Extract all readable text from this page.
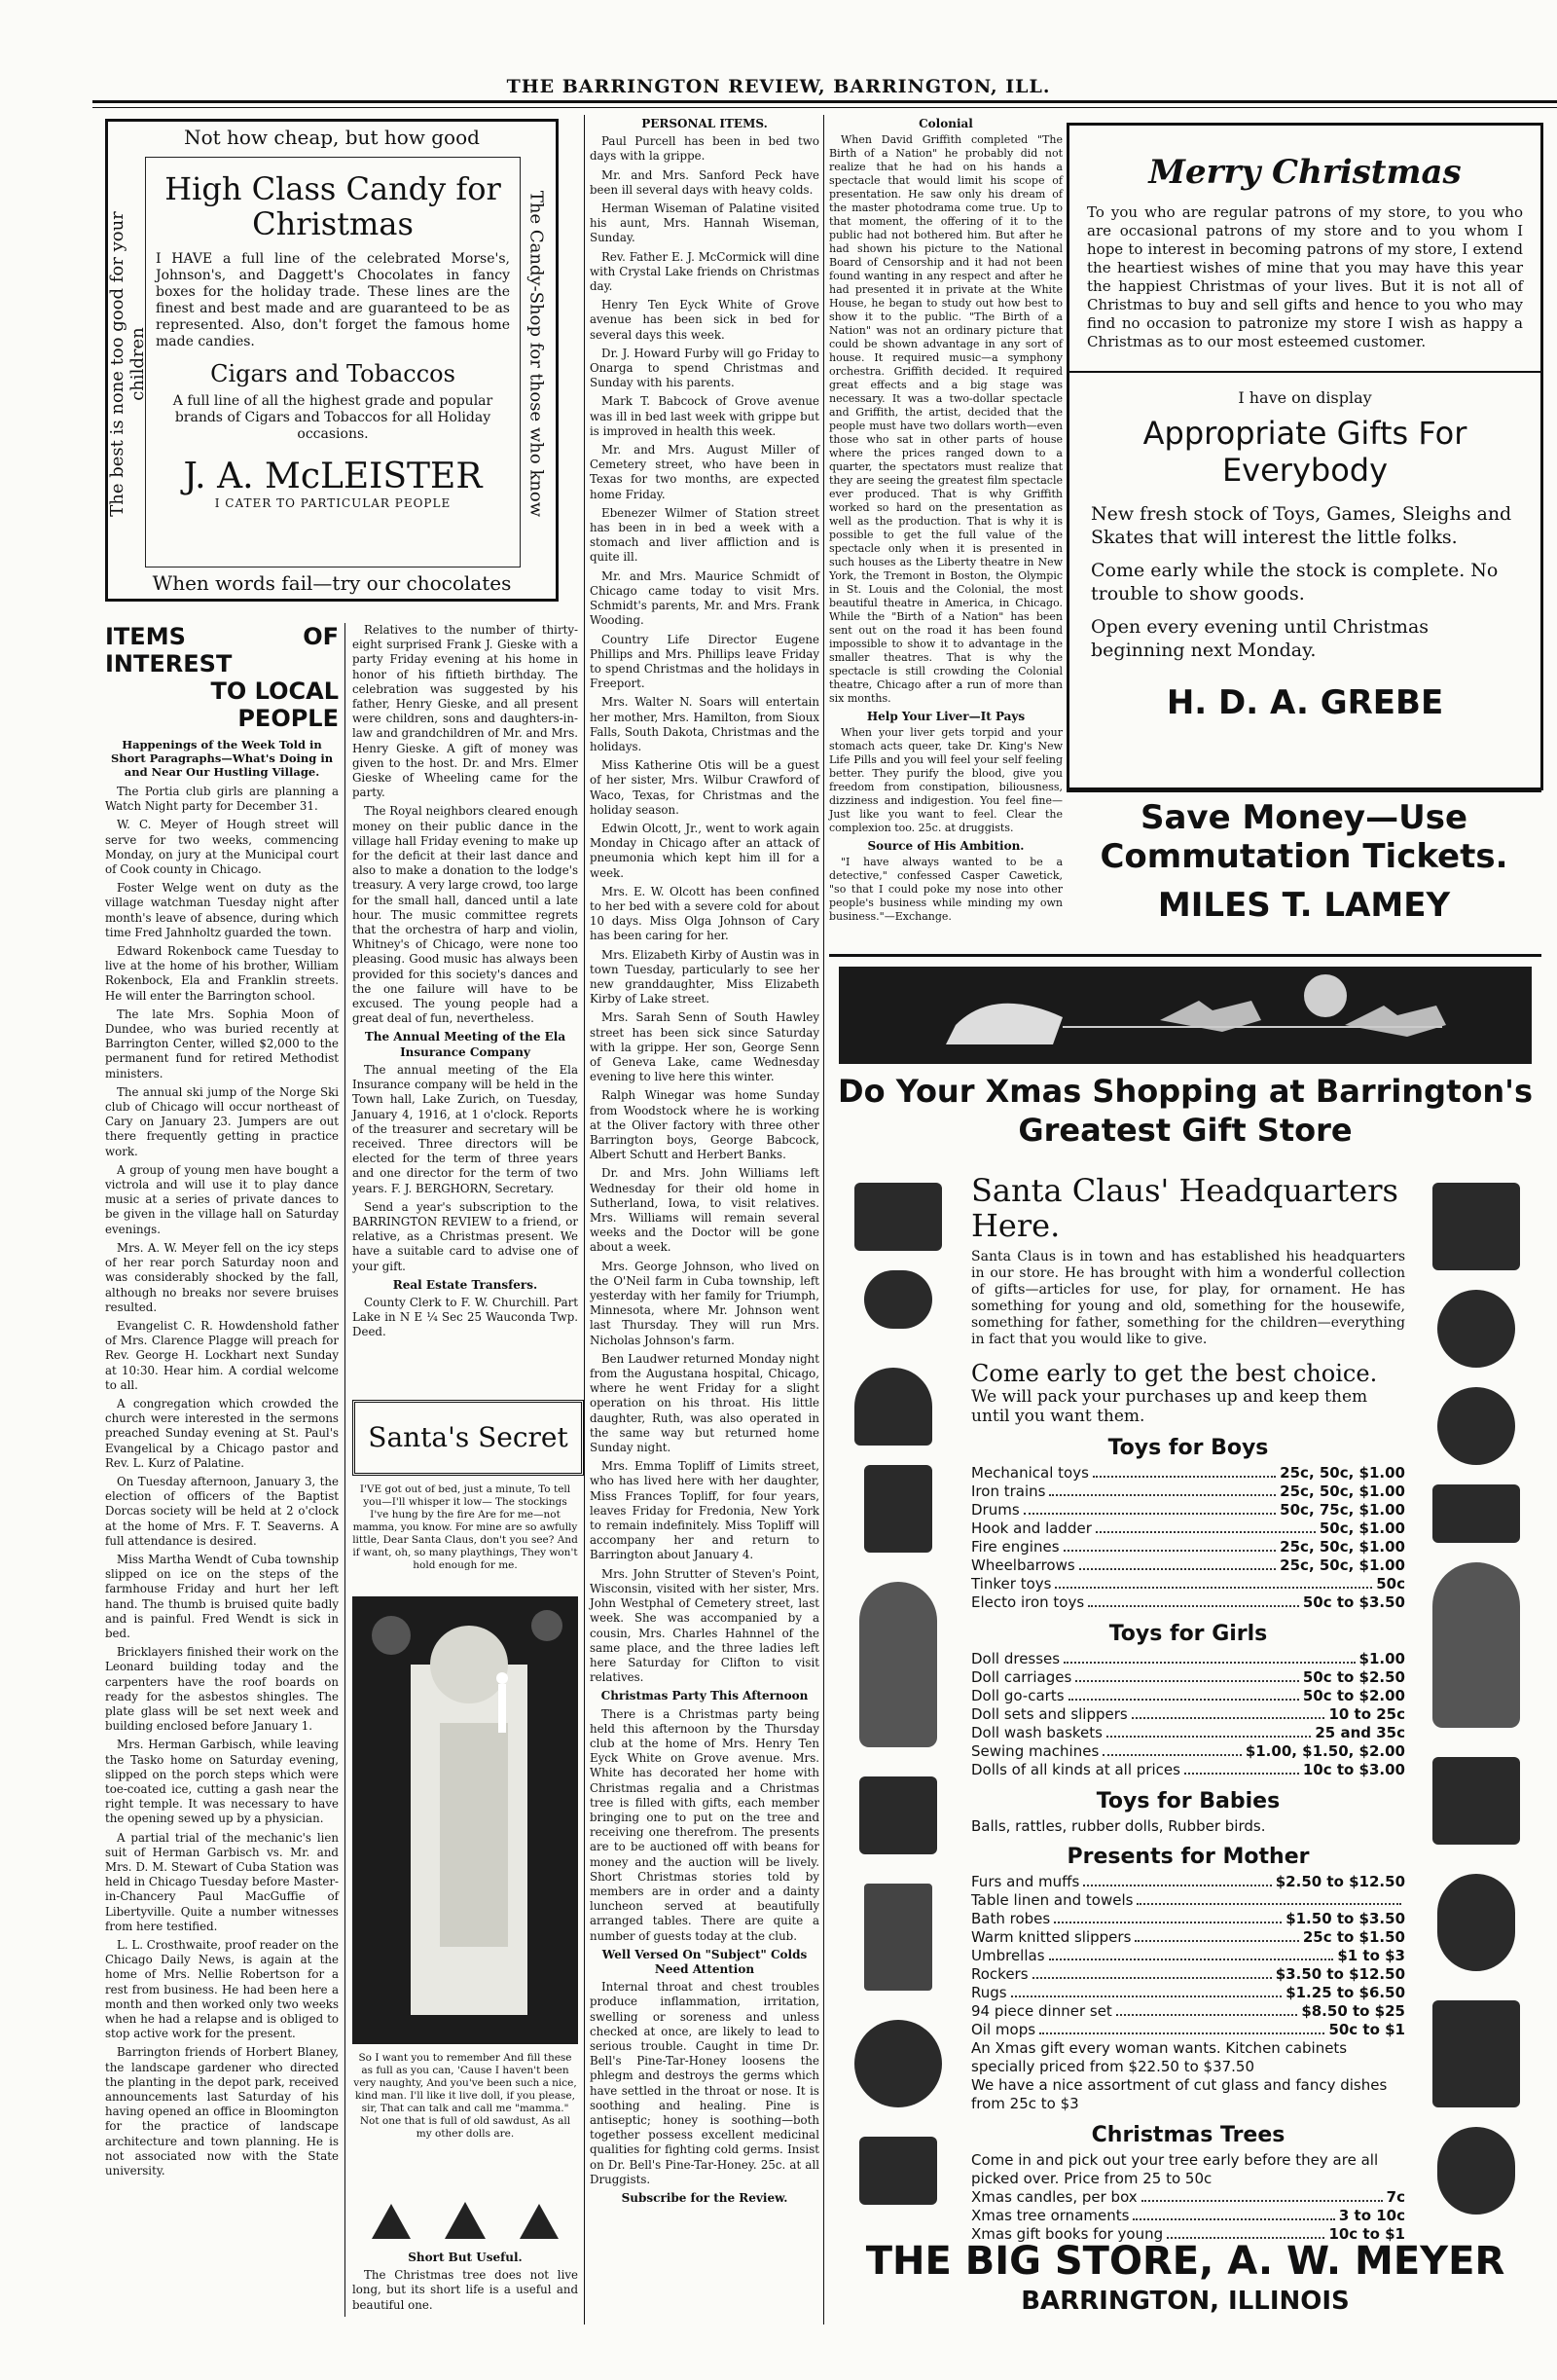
THE BARRINGTON REVIEW, BARRINGTON, ILL.
Not how cheap, but how good
The best is none too good for your children	The Candy-Shop for those who know
High Class Candy for Christmas
I HAVE a full line of the celebrated Morse's, Johnson's, and Daggett's Chocolates in fancy boxes for the holiday trade. These lines are the finest and best made and are guaranteed to be as represented. Also, don't forget the famous home made candies.
Cigars and Tobaccos
A full line of all the highest grade and popular brands of Cigars and Tobaccos for all Holiday occasions.
J. A. McLEISTER
I CATER TO PARTICULAR PEOPLE
When words fail—try our chocolates
ITEMS OF INTEREST
TO LOCAL PEOPLE
Happenings of the Week Told in Short Paragraphs—What's Doing in and Near Our Hustling Village.

The Portia club girls are planning a Watch Night party for December 31.

W. C. Meyer of Hough street will serve for two weeks, commencing Monday, on jury at the Municipal court of Cook county in Chicago.

Foster Welge went on duty as the village watchman Tuesday night after month's leave of absence, during which time Fred Jahnholtz guarded the town.

Edward Rokenbock came Tuesday to live at the home of his brother, William Rokenbock, Ela and Franklin streets. He will enter the Barrington school.

The late Mrs. Sophia Moon of Dundee, who was buried recently at Barrington Center, willed $2,000 to the permanent fund for retired Methodist ministers.

The annual ski jump of the Norge Ski club of Chicago will occur northeast of Cary on January 23. Jumpers are out there frequently getting in practice work.

A group of young men have bought a victrola and will use it to play dance music at a series of private dances to be given in the village hall on Saturday evenings.

Mrs. A. W. Meyer fell on the icy steps of her rear porch Saturday noon and was considerably shocked by the fall, although no breaks nor severe bruises resulted.

Evangelist C. R. Howdenshold father of Mrs. Clarence Plagge will preach for Rev. George H. Lockhart next Sunday at 10:30. Hear him. A cordial welcome to all.

A congregation which crowded the church were interested in the sermons preached Sunday evening at St. Paul's Evangelical by a Chicago pastor and Rev. L. Kurz of Palatine.

On Tuesday afternoon, January 3, the election of officers of the Baptist Dorcas society will be held at 2 o'clock at the home of Mrs. F. T. Seaverns. A full attendance is desired.

Miss Martha Wendt of Cuba township slipped on ice on the steps of the farmhouse Friday and hurt her left hand. The thumb is bruised quite badly and is painful. Fred Wendt is sick in bed.

Bricklayers finished their work on the Leonard building today and the carpenters have the roof boards on ready for the asbestos shingles. The plate glass will be set next week and building enclosed before January 1.

Mrs. Herman Garbisch, while leaving the Tasko home on Saturday evening, slipped on the porch steps which were toe-coated ice, cutting a gash near the right temple. It was necessary to have the opening sewed up by a physician.

A partial trial of the mechanic's lien suit of Herman Garbisch vs. Mr. and Mrs. D. M. Stewart of Cuba Station was held in Chicago Tuesday before Master-in-Chancery Paul MacGuffie of Libertyville. Quite a number witnesses from here testified.

L. L. Crosthwaite, proof reader on the Chicago Daily News, is again at the home of Mrs. Nellie Robertson for a rest from business. He had been here a month and then worked only two weeks when he had a relapse and is obliged to stop active work for the present.

Barrington friends of Horbert Blaney, the landscape gardener who directed the planting in the depot park, received announcements last Saturday of his having opened an office in Bloomington for the practice of landscape architecture and town planning. He is not associated now with the State university.

Relatives to the number of thirty-eight surprised Frank J. Gieske with a party Friday evening at his home in honor of his fiftieth birthday. The celebration was suggested by his father, Henry Gieske, and all present were children, sons and daughters-in-law and grandchildren of Mr. and Mrs. Henry Gieske. A gift of money was given to the host. Dr. and Mrs. Elmer Gieske of Wheeling came for the party.

The Royal neighbors cleared enough money on their public dance in the village hall Friday evening to make up for the deficit at their last dance and also to make a donation to the lodge's treasury. A very large crowd, too large for the small hall, danced until a late hour. The music committee regrets that the orchestra of harp and violin, Whitney's of Chicago, were none too pleasing. Good music has always been provided for this society's dances and the one failure will have to be excused. The young people had a great deal of fun, nevertheless.

The Annual Meeting of the Ela Insurance Company

The annual meeting of the Ela Insurance company will be held in the Town hall, Lake Zurich, on Tuesday, January 4, 1916, at 1 o'clock. Reports of the treasurer and secretary will be received. Three directors will be elected for the term of three years and one director for the term of two years. F. J. BERGHORN, Secretary.

Send a year's subscription to the BARRINGTON REVIEW to a friend, or relative, as a Christmas present. We have a suitable card to advise one of your gift.

Real Estate Transfers.

County Clerk to F. W. Churchill. Part Lake in N E ¼ Sec 25 Wauconda Twp. Deed.

Santa's Secret
I'VE got out of bed, just a minute, To tell you—I'll whisper it low— The stockings I've hung by the fire Are for me—not mamma, you know. For mine are so awfully little, Dear Santa Claus, don't you see? And if want, oh, so many playthings, They won't hold enough for me.
So I want you to remember And fill these as full as you can, 'Cause I haven't been very naughty, And you've been such a nice, kind man. I'll like it live doll, if you please, sir, That can talk and call me "mamma." Not one that is full of old sawdust, As all my other dolls are.
Short But Useful.

The Christmas tree does not live long, but its short life is a useful and beautiful one.

PERSONAL ITEMS.

Paul Purcell has been in bed two days with la grippe.

Mr. and Mrs. Sanford Peck have been ill several days with heavy colds.

Herman Wiseman of Palatine visited his aunt, Mrs. Hannah Wiseman, Sunday.

Rev. Father E. J. McCormick will dine with Crystal Lake friends on Christmas day.

Henry Ten Eyck White of Grove avenue has been sick in bed for several days this week.

Dr. J. Howard Furby will go Friday to Onarga to spend Christmas and Sunday with his parents.

Mark T. Babcock of Grove avenue was ill in bed last week with grippe but is improved in health this week.

Mr. and Mrs. August Miller of Cemetery street, who have been in Texas for two months, are expected home Friday.

Ebenezer Wilmer of Station street has been in in bed a week with a stomach and liver affliction and is quite ill.

Mr. and Mrs. Maurice Schmidt of Chicago came today to visit Mrs. Schmidt's parents, Mr. and Mrs. Frank Wooding.

Country Life Director Eugene Phillips and Mrs. Phillips leave Friday to spend Christmas and the holidays in Freeport.

Mrs. Walter N. Soars will entertain her mother, Mrs. Hamilton, from Sioux Falls, South Dakota, Christmas and the holidays.

Miss Katherine Otis will be a guest of her sister, Mrs. Wilbur Crawford of Waco, Texas, for Christmas and the holiday season.

Edwin Olcott, Jr., went to work again Monday in Chicago after an attack of pneumonia which kept him ill for a week.

Mrs. E. W. Olcott has been confined to her bed with a severe cold for about 10 days. Miss Olga Johnson of Cary has been caring for her.

Mrs. Elizabeth Kirby of Austin was in town Tuesday, particularly to see her new granddaughter, Miss Elizabeth Kirby of Lake street.

Mrs. Sarah Senn of South Hawley street has been sick since Saturday with la grippe. Her son, George Senn of Geneva Lake, came Wednesday evening to live here this winter.

Ralph Winegar was home Sunday from Woodstock where he is working at the Oliver factory with three other Barrington boys, George Babcock, Albert Schutt and Herbert Banks.

Dr. and Mrs. John Williams left Wednesday for their old home in Sutherland, Iowa, to visit relatives. Mrs. Williams will remain several weeks and the Doctor will be gone about a week.

Mrs. George Johnson, who lived on the O'Neil farm in Cuba township, left yesterday with her family for Triumph, Minnesota, where Mr. Johnson went last Thursday. They will run Mrs. Nicholas Johnson's farm.

Ben Laudwer returned Monday night from the Augustana hospital, Chicago, where he went Friday for a slight operation on his throat. His little daughter, Ruth, was also operated in the same way but returned home Sunday night.

Mrs. Emma Topliff of Limits street, who has lived here with her daughter, Miss Frances Topliff, for four years, leaves Friday for Fredonia, New York to remain indefinitely. Miss Topliff will accompany her and return to Barrington about January 4.

Mrs. John Strutter of Steven's Point, Wisconsin, visited with her sister, Mrs. John Westphal of Cemetery street, last week. She was accompanied by a cousin, Mrs. Charles Hahnnel of the same place, and the three ladies left here Saturday for Clifton to visit relatives.

Christmas Party This Afternoon

There is a Christmas party being held this afternoon by the Thursday club at the home of Mrs. Henry Ten Eyck White on Grove avenue. Mrs. White has decorated her home with Christmas regalia and a Christmas tree is filled with gifts, each member bringing one to put on the tree and receiving one therefrom. The presents are to be auctioned off with beans for money and the auction will be lively. Short Christmas stories told by members are in order and a dainty luncheon served at beautifully arranged tables. There are quite a number of guests today at the club.

Well Versed On "Subject" Colds Need Attention

Internal throat and chest troubles produce inflammation, irritation, swelling or soreness and unless checked at once, are likely to lead to serious trouble. Caught in time Dr. Bell's Pine-Tar-Honey loosens the phlegm and destroys the germs which have settled in the throat or nose. It is soothing and healing. Pine is antiseptic; honey is soothing—both together possess excellent medicinal qualities for fighting cold germs. Insist on Dr. Bell's Pine-Tar-Honey. 25c. at all Druggists.

Subscribe for the Review.
Colonial

When David Griffith completed "The Birth of a Nation" he probably did not realize that he had on his hands a spectacle that would limit his scope of presentation. He saw only his dream of the master photodrama come true. Up to that moment, the offering of it to the public had not bothered him. But after he had shown his picture to the National Board of Censorship and it had not been found wanting in any respect and after he had presented it in private at the White House, he began to study out how best to show it to the public. "The Birth of a Nation" was not an ordinary picture that could be shown advantage in any sort of house. It required music—a symphony orchestra. Griffith decided. It required great effects and a big stage was necessary. It was a two-dollar spectacle and Griffith, the artist, decided that the people must have two dollars worth—even those who sat in other parts of house where the prices ranged down to a quarter, the spectators must realize that they are seeing the greatest film spectacle ever produced. That is why Griffith worked so hard on the presentation as well as the production. That is why it is possible to get the full value of the spectacle only when it is presented in such houses as the Liberty theatre in New York, the Tremont in Boston, the Olympic in St. Louis and the Colonial, the most beautiful theatre in America, in Chicago. While the "Birth of a Nation" has been sent out on the road it has been found impossible to show it to advantage in the smaller theatres. That is why the spectacle is still crowding the Colonial theatre, Chicago after a run of more than six months.

Help Your Liver—It Pays

When your liver gets torpid and your stomach acts queer, take Dr. King's New Life Pills and you will feel your self feeling better. They purify the blood, give you freedom from constipation, biliousness, dizziness and indigestion. You feel fine—Just like you want to feel. Clear the complexion too. 25c. at druggists.

Source of His Ambition.

"I have always wanted to be a detective," confessed Casper Cawetick, "so that I could poke my nose into other people's business while minding my own business."—Exchange.

Merry Christmas
To you who are regular patrons of my store, to you who are occasional patrons of my store and to you whom I hope to interest in becoming patrons of my store, I extend the heartiest wishes of mine that you may have this year the happiest Christmas of your lives. But it is not all of Christmas to buy and sell gifts and hence to you who may find no occasion to patronize my store I wish as happy a Christmas as to our most esteemed customer.
I have on display
Appropriate Gifts For Everybody
New fresh stock of Toys, Games, Sleighs and Skates that will interest the little folks.
Come early while the stock is complete. No trouble to show goods.
Open every evening until Christmas beginning next Monday.
H. D. A. GREBE
Save Money—Use Commutation Tickets.
MILES T. LAMEY
Do Your Xmas Shopping at Barrington's Greatest Gift Store
Santa Claus' Headquarters Here.
Santa Claus is in town and has established his headquarters in our store. He has brought with him a wonderful collection of gifts—articles for use, for play, for ornament. He has something for young and old, something for the housewife, something for father, something for the children—everything in fact that you would like to give.
Come early to get the best choice.
We will pack your purchases up and keep them until you want them.
Toys for Boys
Mechanical toys	25c, 50c, $1.00
Iron trains	25c, 50c, $1.00
Drums	50c, 75c, $1.00
Hook and ladder	50c, $1.00
Fire engines	25c, 50c, $1.00
Wheelbarrows	25c, 50c, $1.00
Tinker toys	50c
Electo iron toys	50c to $3.50
Toys for Girls
Doll dresses	$1.00
Doll carriages	50c to $2.50
Doll go-carts	50c to $2.00
Doll sets and slippers	10 to 25c
Doll wash baskets	25 and 35c
Sewing machines	$1.00, $1.50, $2.00
Dolls of all kinds at all prices	10c to $3.00
Toys for Babies
Balls, rattles, rubber dolls, Rubber birds.
Presents for Mother
Furs and muffs	$2.50 to $12.50
Table linen and towels
Bath robes	$1.50 to $3.50
Warm knitted slippers	25c to $1.50
Umbrellas	$1 to $3
Rockers	$3.50 to $12.50
Rugs	$1.25 to $6.50
94 piece dinner set	$8.50 to $25
Oil mops	50c to $1
An Xmas gift every woman wants. Kitchen cabinets specially priced from $22.50 to $37.50
We have a nice assortment of cut glass and fancy dishes from 25c to $3
Christmas Trees
Come in and pick out your tree early before they are all picked over. Price from 25 to 50c
Xmas candles, per box	7c
Xmas tree ornaments	3 to 10c
Xmas gift books for young	10c to $1
THE BIG STORE, A. W. MEYER
BARRINGTON, ILLINOIS
